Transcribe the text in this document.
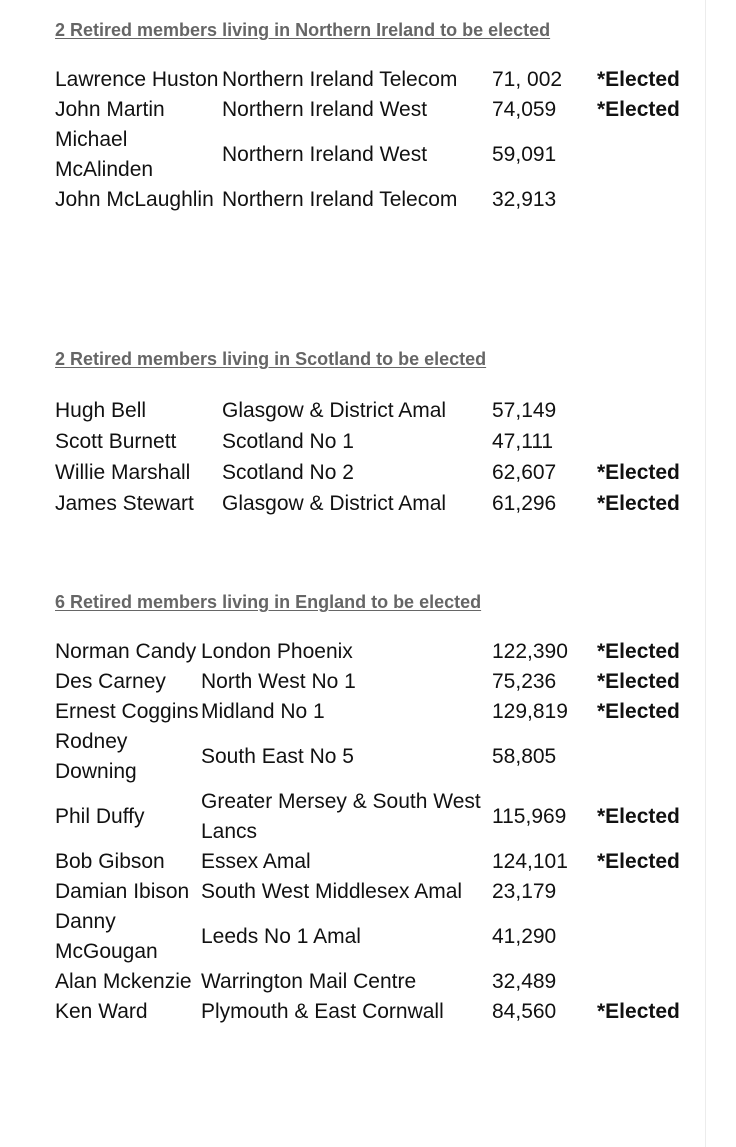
2 Retired members living in Northern Ireland to be elected

Lawrence Huston	Northern Ireland Telecom	71, 002	*Elected
John Martin	Northern Ireland West	74,059	*Elected
Michael McAlinden	Northern Ireland West	59,091	
John McLaughlin	Northern Ireland Telecom	32,913	

2 Retired members living in Scotland to be elected

Hugh Bell	Glasgow & District Amal	57,149	
Scott Burnett	Scotland No 1	47,111	
Willie Marshall	Scotland No 2	62,607	*Elected
James Stewart	Glasgow & District Amal	61,296	*Elected

6 Retired members living in England to be elected

Norman Candy	London Phoenix	122,390	*Elected
Des Carney	North West No 1	75,236	*Elected
Ernest Coggins	Midland No 1	129,819	*Elected
Rodney Downing	South East No 5	58,805	
Phil Duffy	Greater Mersey & South West Lancs	115,969	*Elected
Bob Gibson	Essex Amal	124,101	*Elected
Damian Ibison	South West Middlesex Amal	23,179	
Danny McGougan	Leeds No 1 Amal	41,290	
Alan Mckenzie	Warrington Mail Centre	32,489	
Ken Ward	Plymouth & East Cornwall	84,560	*Elected
